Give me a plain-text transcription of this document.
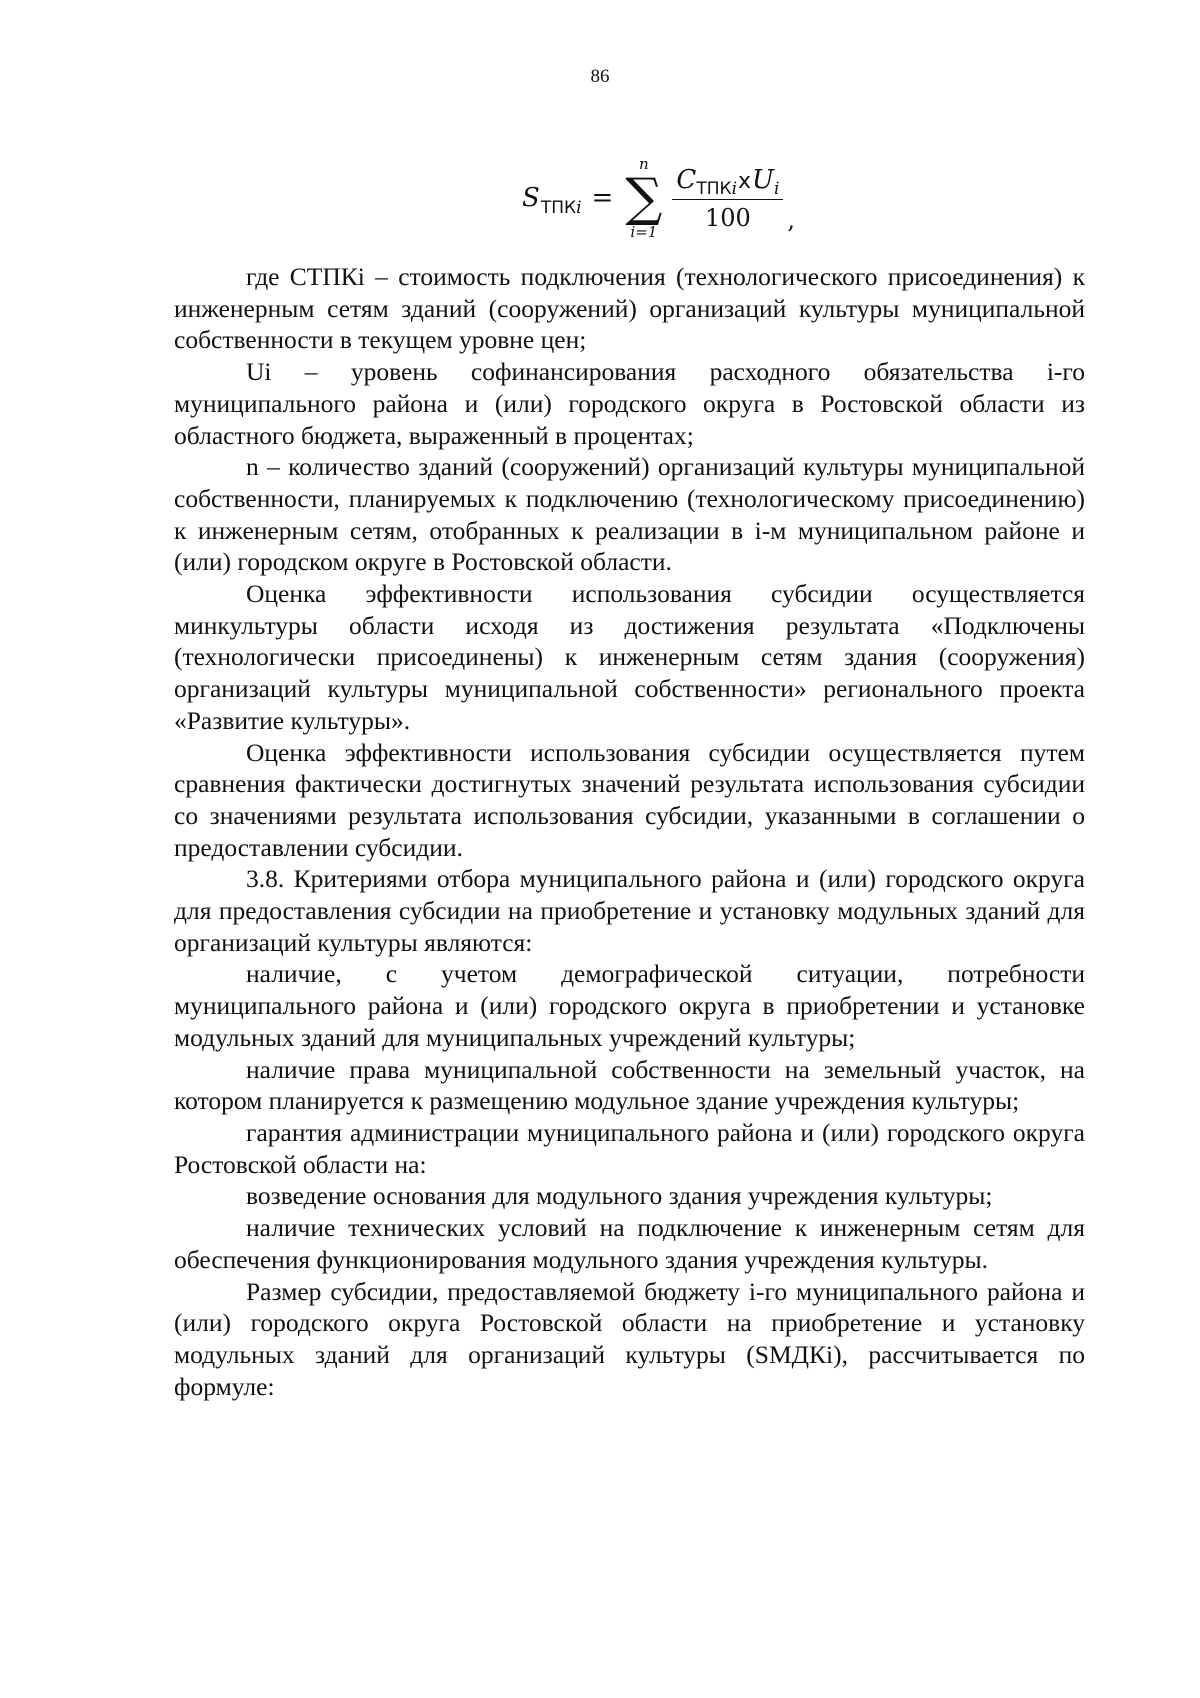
86
S ТПКi =
n
∑
i=1
$\frac{\text{C ТПКi x U i}}{100}$ ,

где СТПКi – стоимость подключения (технологического присоединения) к инженерным сетям зданий (сооружений) организаций культуры муниципальной собственности в текущем уровне цен;

Ui – уровень софинансирования расходного обязательства i-го муниципального района и (или) городского округа в Ростовской области из областного бюджета, выраженный в процентах;

n – количество зданий (сооружений) организаций культуры муниципальной собственности, планируемых к подключению (технологическому присоединению) к инженерным сетям, отобранных к реализации в i-м муниципальном районе и (или) городском округе в Ростовской области.

Оценка эффективности использования субсидии осуществляется минкультуры области исходя из достижения результата «Подключены (технологически присоединены) к инженерным сетям здания (сооружения) организаций культуры муниципальной собственности» регионального проекта «Развитие культуры».

Оценка эффективности использования субсидии осуществляется путем сравнения фактически достигнутых значений результата использования субсидии со значениями результата использования субсидии, указанными в соглашении о предоставлении субсидии.

3.8. Критериями отбора муниципального района и (или) городского округа для предоставления субсидии на приобретение и установку модульных зданий для организаций культуры являются:

наличие, с учетом демографической ситуации, потребности муниципального района и (или) городского округа в приобретении и установке модульных зданий для муниципальных учреждений культуры;

наличие права муниципальной собственности на земельный участок, на котором планируется к размещению модульное здание учреждения культуры;

гарантия администрации муниципального района и (или) городского округа Ростовской области на:

возведение основания для модульного здания учреждения культуры;

наличие технических условий на подключение к инженерным сетям для обеспечения функционирования модульного здания учреждения культуры.

Размер субсидии, предоставляемой бюджету i-го муниципального района и (или) городского округа Ростовской области на приобретение и установку модульных зданий для организаций культуры (SМДКi), рассчитывается по формуле:
